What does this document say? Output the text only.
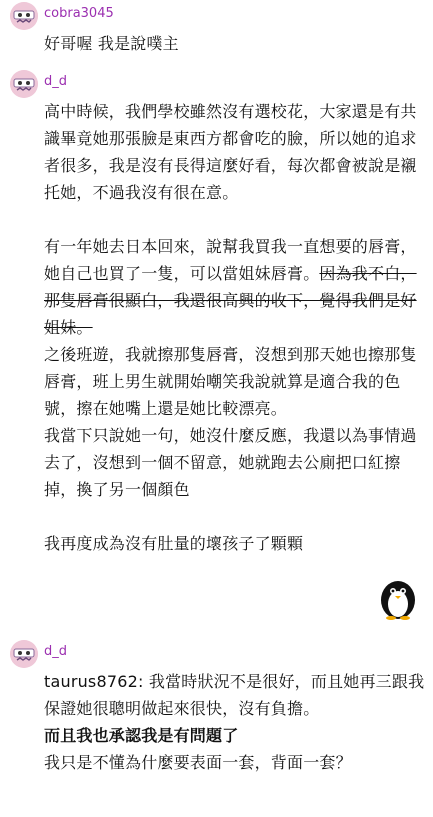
cobra3045

好哥喔 我是說噗主

d_d

高中時候，我們學校雖然沒有選校花，大家還是有共識畢竟她那張臉是東西方都會吃的臉，所以她的追求者很多，我是沒有長得這麼好看，每次都會被說是襯托她，不過我沒有很在意。

有一年她去日本回來，說幫我買我一直想要的唇膏，她自己也買了一隻，可以當姐妹唇膏。因為我不白，那隻唇膏很顯白，我還很高興的收下，覺得我們是好姐妹。

之後班遊，我就擦那隻唇膏，沒想到那天她也擦那隻唇膏，班上男生就開始嘲笑我說就算是適合我的色號，擦在她嘴上還是她比較漂亮。

我當下只說她一句，她沒什麼反應，我還以為事情過去了，沒想到一個不留意，她就跑去公廁把口紅擦掉，換了另一個顏色

我再度成為沒有肚量的壞孩子了顆顆

d_d

taurus8762: 我當時狀況不是很好，而且她再三跟我保證她很聰明做起來很快，沒有負擔。

而且我也承認我是有問題了

我只是不懂為什麼要表面一套，背面一套？
